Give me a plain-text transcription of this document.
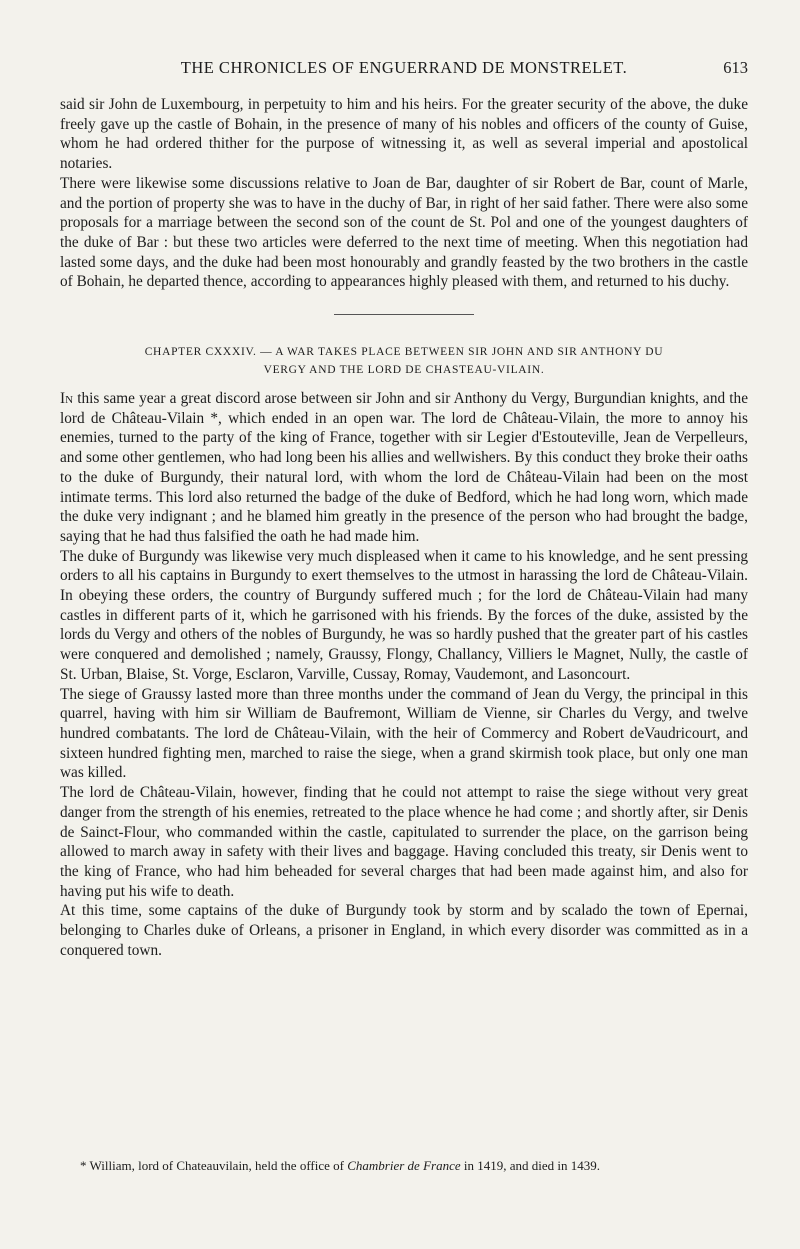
THE CHRONICLES OF ENGUERRAND DE MONSTRELET.	613

said sir John de Luxembourg, in perpetuity to him and his heirs. For the greater security of the above, the duke freely gave up the castle of Bohain, in the presence of many of his nobles and officers of the county of Guise, whom he had ordered thither for the purpose of witnessing it, as well as several imperial and apostolical notaries.

There were likewise some discussions relative to Joan de Bar, daughter of sir Robert de Bar, count of Marle, and the portion of property she was to have in the duchy of Bar, in right of her said father. There were also some proposals for a marriage between the second son of the count de St. Pol and one of the youngest daughters of the duke of Bar : but these two articles were deferred to the next time of meeting. When this negotiation had lasted some days, and the duke had been most honourably and grandly feasted by the two brothers in the castle of Bohain, he departed thence, according to appearances highly pleased with them, and returned to his duchy.

CHAPTER CXXXIV. — A WAR TAKES PLACE BETWEEN SIR JOHN AND SIR ANTHONY DU
VERGY AND THE LORD DE CHASTEAU-VILAIN.

In this same year a great discord arose between sir John and sir Anthony du Vergy, Burgundian knights, and the lord de Château-Vilain *, which ended in an open war. The lord de Château-Vilain, the more to annoy his enemies, turned to the party of the king of France, together with sir Legier d'Estouteville, Jean de Verpelleurs, and some other gentlemen, who had long been his allies and wellwishers. By this conduct they broke their oaths to the duke of Burgundy, their natural lord, with whom the lord de Château-Vilain had been on the most intimate terms. This lord also returned the badge of the duke of Bedford, which he had long worn, which made the duke very indignant ; and he blamed him greatly in the presence of the person who had brought the badge, saying that he had thus falsified the oath he had made him.

The duke of Burgundy was likewise very much displeased when it came to his knowledge, and he sent pressing orders to all his captains in Burgundy to exert themselves to the utmost in harassing the lord de Château-Vilain. In obeying these orders, the country of Burgundy suffered much ; for the lord de Château-Vilain had many castles in different parts of it, which he garrisoned with his friends. By the forces of the duke, assisted by the lords du Vergy and others of the nobles of Burgundy, he was so hardly pushed that the greater part of his castles were conquered and demolished ; namely, Graussy, Flongy, Challancy, Villiers le Magnet, Nully, the castle of St. Urban, Blaise, St. Vorge, Esclaron, Varville, Cussay, Romay, Vaudemont, and Lasoncourt.

The siege of Graussy lasted more than three months under the command of Jean du Vergy, the principal in this quarrel, having with him sir William de Baufremont, William de Vienne, sir Charles du Vergy, and twelve hundred combatants. The lord de Château-Vilain, with the heir of Commercy and Robert deVaudricourt, and sixteen hundred fighting men, marched to raise the siege, when a grand skirmish took place, but only one man was killed.

The lord de Château-Vilain, however, finding that he could not attempt to raise the siege without very great danger from the strength of his enemies, retreated to the place whence he had come ; and shortly after, sir Denis de Sainct-Flour, who commanded within the castle, capitulated to surrender the place, on the garrison being allowed to march away in safety with their lives and baggage. Having concluded this treaty, sir Denis went to the king of France, who had him beheaded for several charges that had been made against him, and also for having put his wife to death.

At this time, some captains of the duke of Burgundy took by storm and by scalado the town of Epernai, belonging to Charles duke of Orleans, a prisoner in England, in which every disorder was committed as in a conquered town.

* William, lord of Chateauvilain, held the office of Chambrier de France in 1419, and died in 1439.
